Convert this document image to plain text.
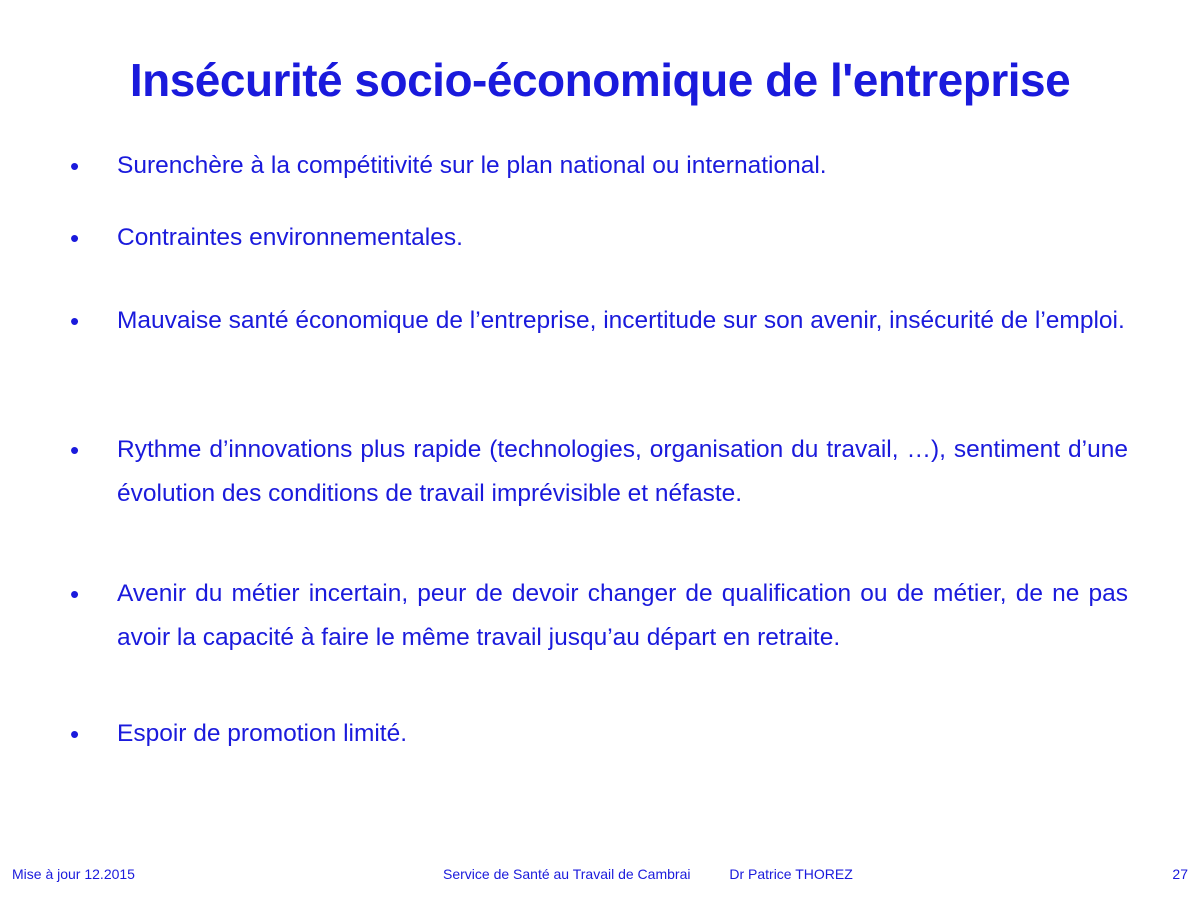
Insécurité socio-économique de l'entreprise
•	Surenchère à la compétitivité sur le plan national ou international.
•	Contraintes environnementales.
•	Mauvaise santé économique de l’entreprise, incertitude sur son avenir, insécurité de l’emploi.
•	Rythme d’innovations plus rapide (technologies, organisation du travail, …), sentiment d’une évolution des conditions de travail imprévisible et néfaste.
•	Avenir du métier incertain, peur de devoir changer de qualification ou de métier, de ne pas avoir la capacité à faire le même travail jusqu’au départ en retraite.
•	Espoir de promotion limité.
Mise à jour 12.2015	Service de Santé au Travail de Cambrai          Dr Patrice THOREZ	27
